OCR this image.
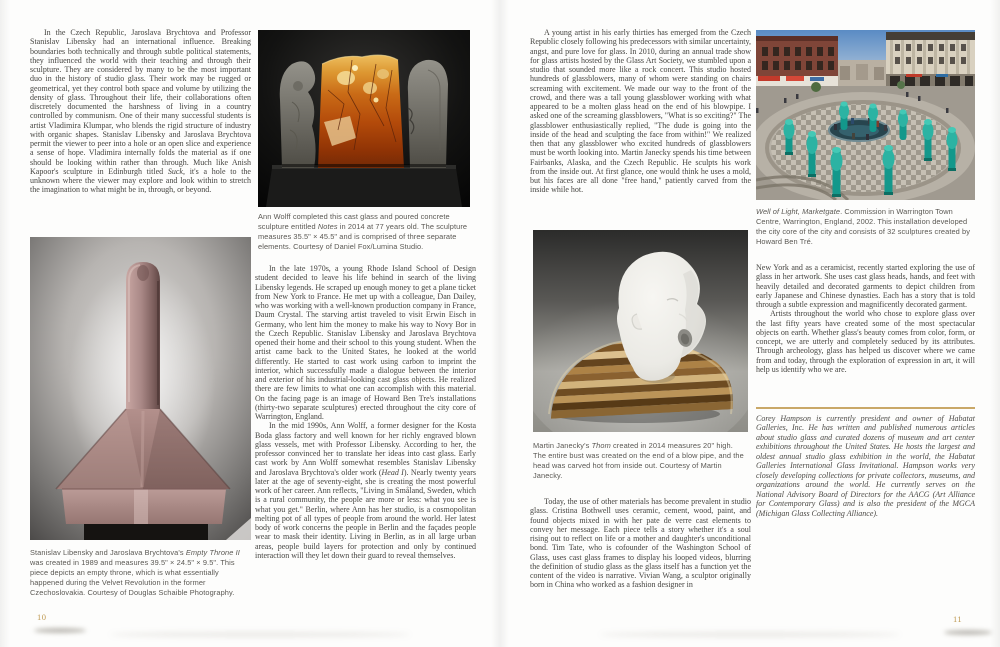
In the Czech Republic, Jaroslava Brychtova and Professor Stanislav Libensky had an international influence. Breaking boundaries both technically and through subtle political statements, they influenced the world with their teaching and through their sculpture. They are considered by many to be the most important duo in the history of studio glass. Their work may be rugged or geometrical, yet they control both space and volume by utilizing the density of glass. Throughout their life, their collaborations often discretely documented the harshness of living in a country controlled by communism. One of their many successful students is artist Vladimira Klumpar, who blends the rigid structure of industry with organic shapes. Stanislav Libensky and Jaroslava Brychtova permit the viewer to peer into a hole or an open slice and experience a sense of hope. Vladimira internally folds the material as if one should be looking within rather than through. Much like Anish Kapoor's sculpture in Edinburgh titled Suck, it's a hole to the unknown where the viewer may explore and look within to stretch the imagination to what might be in, through, or beyond.

Ann Wolff completed this cast glass and poured concrete sculpture entitled Notes in 2014 at 77 years old. The sculpture measures 35.5" × 45.5" and is comprised of three separate elements. Courtesy of Daniel Fox/Lumina Studio.

In the late 1970s, a young Rhode Island School of Design student decided to leave his life behind in search of the living Libensky legends. He scraped up enough money to get a plane ticket from New York to France. He met up with a colleague, Dan Dailey, who was working with a well-known production company in France, Daum Crystal. The starving artist traveled to visit Erwin Eisch in Germany, who lent him the money to make his way to Novy Bor in the Czech Republic. Stanislav Libensky and Jaroslava Brychtova opened their home and their school to this young student. When the artist came back to the United States, he looked at the world differently. He started to cast work using carbon to imprint the interior, which successfully made a dialogue between the interior and exterior of his industrial-looking cast glass objects. He realized there are few limits to what one can accomplish with this material. On the facing page is an image of Howard Ben Tre's installations (thirty-two separate sculptures) erected throughout the city core of Warrington, England.

In the mid 1990s, Ann Wolff, a former designer for the Kosta Boda glass factory and well known for her richly engraved blown glass vessels, met with Professor Libensky. According to her, the professor convinced her to translate her ideas into cast glass. Early cast work by Ann Wolff somewhat resembles Stanislav Libensky and Jaroslava Brychtova's older work (Head I). Nearly twenty years later at the age of seventy-eight, she is creating the most powerful work of her career. Ann reflects, "Living in Småland, Sweden, which is a rural community, the people are more or less: what you see is what you get." Berlin, where Ann has her studio, is a cosmopolitan melting pot of all types of people from around the world. Her latest body of work concerns the people in Berlin and the façades people wear to mask their identity. Living in Berlin, as in all large urban areas, people build layers for protection and only by continued interaction will they let down their guard to reveal themselves.

Stanislav Libensky and Jaroslava Brychtova's Empty Throne II was created in 1989 and measures 39.5" × 24.5" × 9.5". This piece depicts an empty throne, which is what essentially happened during the Velvet Revolution in the former Czechoslovakia. Courtesy of Douglas Schaible Photography.
10

A young artist in his early thirties has emerged from the Czech Republic closely following his predecessors with similar uncertainty, angst, and pure love for glass. In 2010, during an annual trade show for glass artists hosted by the Glass Art Society, we stumbled upon a studio that sounded more like a rock concert. This studio hosted hundreds of glassblowers, many of whom were standing on chairs screaming with excitement. We made our way to the front of the crowd, and there was a tall young glassblower working with what appeared to be a molten glass head on the end of his blowpipe. I asked one of the screaming glassblowers, "What is so exciting?" The glassblower enthusiastically replied, "The dude is going into the inside of the head and sculpting the face from within!" We realized then that any glassblower who excited hundreds of glassblowers must be worth looking into. Martin Janecky spends his time between Fairbanks, Alaska, and the Czech Republic. He sculpts his work from the inside out. At first glance, one would think he uses a mold, but his faces are all done "free hand," patiently carved from the inside while hot.

Martin Janecky's Thom created in 2014 measures 20" high. The entire bust was created on the end of a blow pipe, and the head was carved hot from inside out. Courtesy of Martin Janecky.

Today, the use of other materials has become prevalent in studio glass. Cristina Bothwell uses ceramic, cement, wood, paint, and found objects mixed in with her pate de verre cast elements to convey her message. Each piece tells a story whether it's a soul rising out to reflect on life or a mother and daughter's unconditional bond. Tim Tate, who is cofounder of the Washington School of Glass, uses cast glass frames to display his looped videos, blurring the definition of studio glass as the glass itself has a function yet the content of the video is narrative. Vivian Wang, a sculptor originally born in China who worked as a fashion designer in

Well of Light, Marketgate. Commission in Warrington Town Centre, Warrington, England, 2002. This installation developed the city core of the city and consists of 32 sculptures created by Howard Ben Tré.

New York and as a ceramicist, recently started exploring the use of glass in her artwork. She uses cast glass heads, hands, and feet with heavily detailed and decorated garments to depict children from early Japanese and Chinese dynasties. Each has a story that is told through a subtle expression and magnificently decorated garment.

Artists throughout the world who chose to explore glass over the last fifty years have created some of the most spectacular objects on earth. Whether glass's beauty comes from color, form, or concept, we are utterly and completely seduced by its attributes. Through archeology, glass has helped us discover where we came from and today, through the exploration of expression in art, it will help us identify who we are.

Corey Hampson is currently president and owner of Habatat Galleries, Inc. He has written and published numerous articles about studio glass and curated dozens of museum and art center exhibitions throughout the United States. He hosts the largest and oldest annual studio glass exhibition in the world, the Habatat Galleries International Glass Invitational. Hampson works very closely developing collections for private collectors, museums, and organizations around the world. He currently serves on the National Advisory Board of Directors for the AACG (Art Alliance for Contemporary Glass) and is also the president of the MGCA (Michigan Glass Collecting Alliance).
11
